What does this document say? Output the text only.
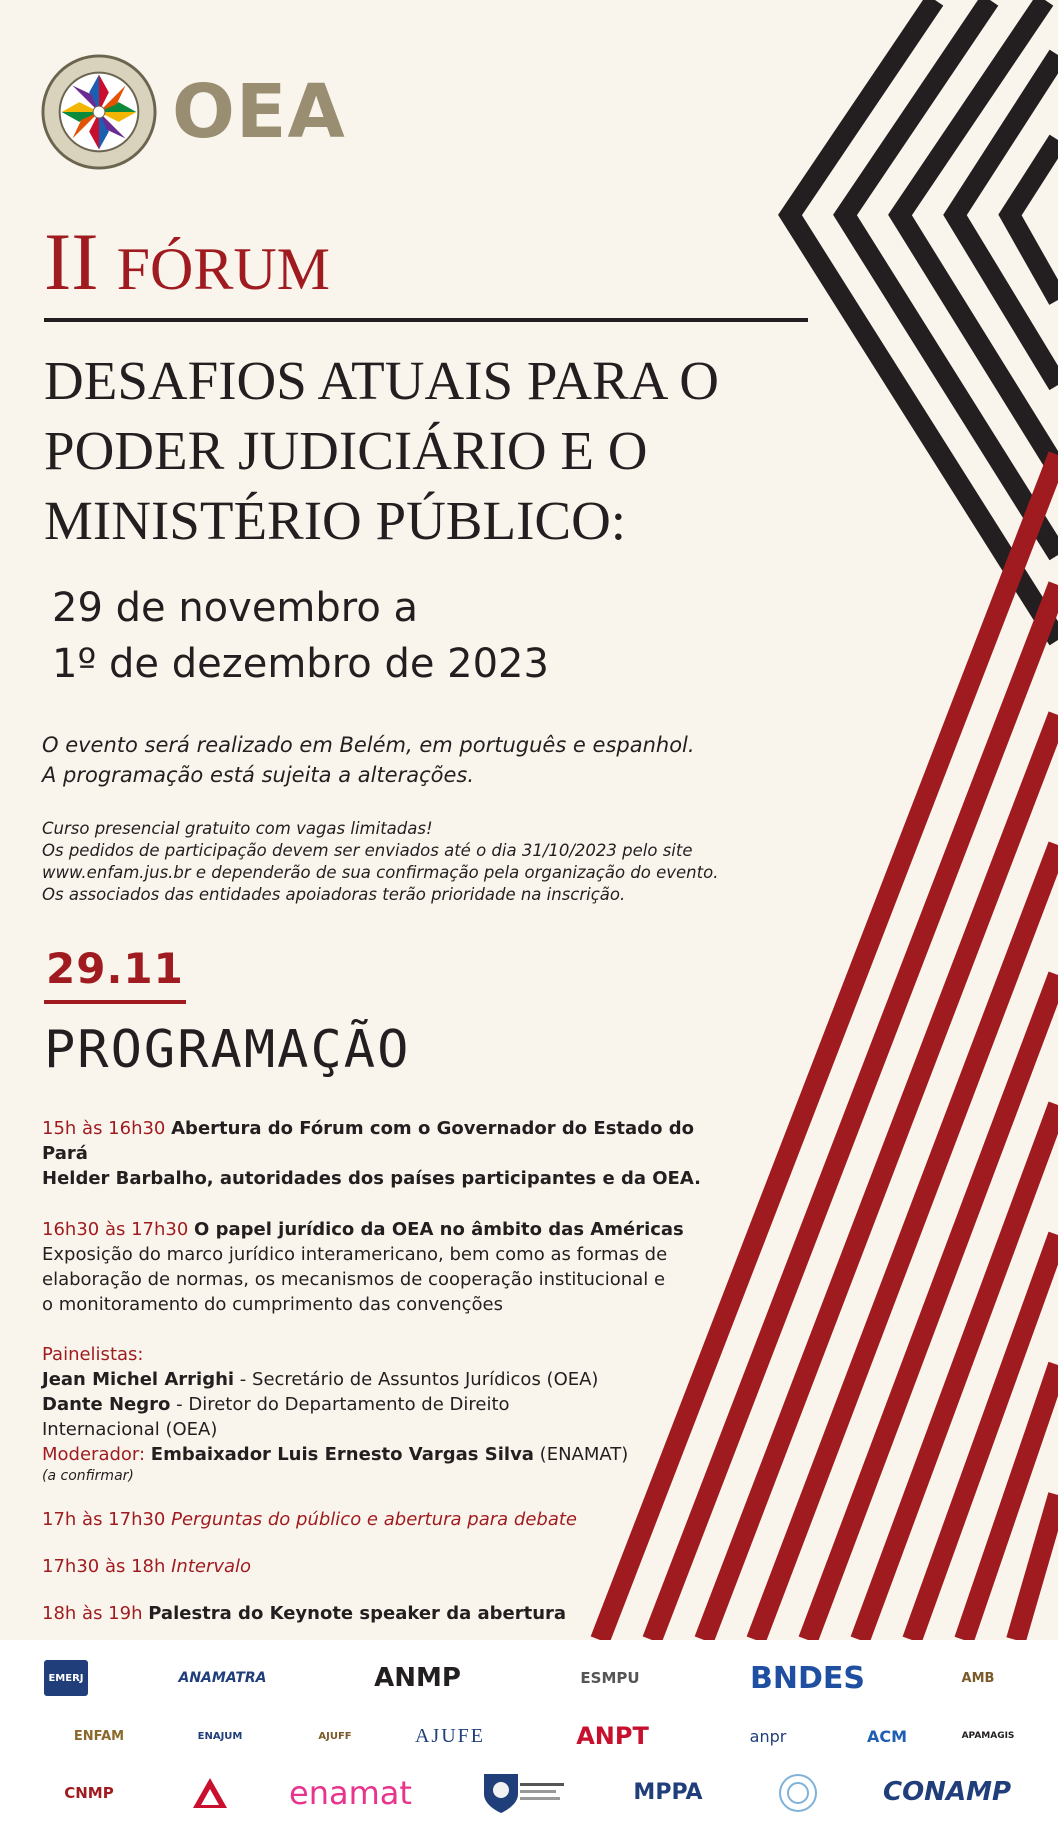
OEA
II FÓRUM
DESAFIOS ATUAIS PARA O
PODER JUDICIÁRIO E O
MINISTÉRIO PÚBLICO:
29 de novembro a
1º de dezembro de 2023
O evento será realizado em Belém, em português e espanhol.
A programação está sujeita a alterações.
Curso presencial gratuito com vagas limitadas!
Os pedidos de participação devem ser enviados até o dia 31/10/2023 pelo site
www.enfam.jus.br e dependerão de sua confirmação pela organização do evento.
Os associados das entidades apoiadoras terão prioridade na inscrição.
29.11
PROGRAMAÇÃO

15h às 16h30 Abertura do Fórum com o Governador do Estado do Pará

Helder Barbalho, autoridades dos países participantes e da OEA.

16h30 às 17h30 O papel jurídico da OEA no âmbito das Américas

Exposição do marco jurídico interamericano, bem como as formas de

elaboração de normas, os mecanismos de cooperação institucional e

o monitoramento do cumprimento das convenções

Painelistas:

Jean Michel Arrighi - Secretário de Assuntos Jurídicos (OEA)

Dante Negro - Diretor do Departamento de Direito

Internacional (OEA)

Moderador: Embaixador Luis Ernesto Vargas Silva (ENAMAT)

(a confirmar)

17h às 17h30 Perguntas do público e abertura para debate

17h30 às 18h Intervalo

18h às 19h Palestra do Keynote speaker da abertura

EMERJ	ANAMATRA	ANMP	ESMPU	BNDES	AMB
ENFAM	ENAJUM	AJUFF	AJUFE	ANPT	anpr	ACM	APAMAGIS
CNMP	enamat	MPPA	CONAMP
